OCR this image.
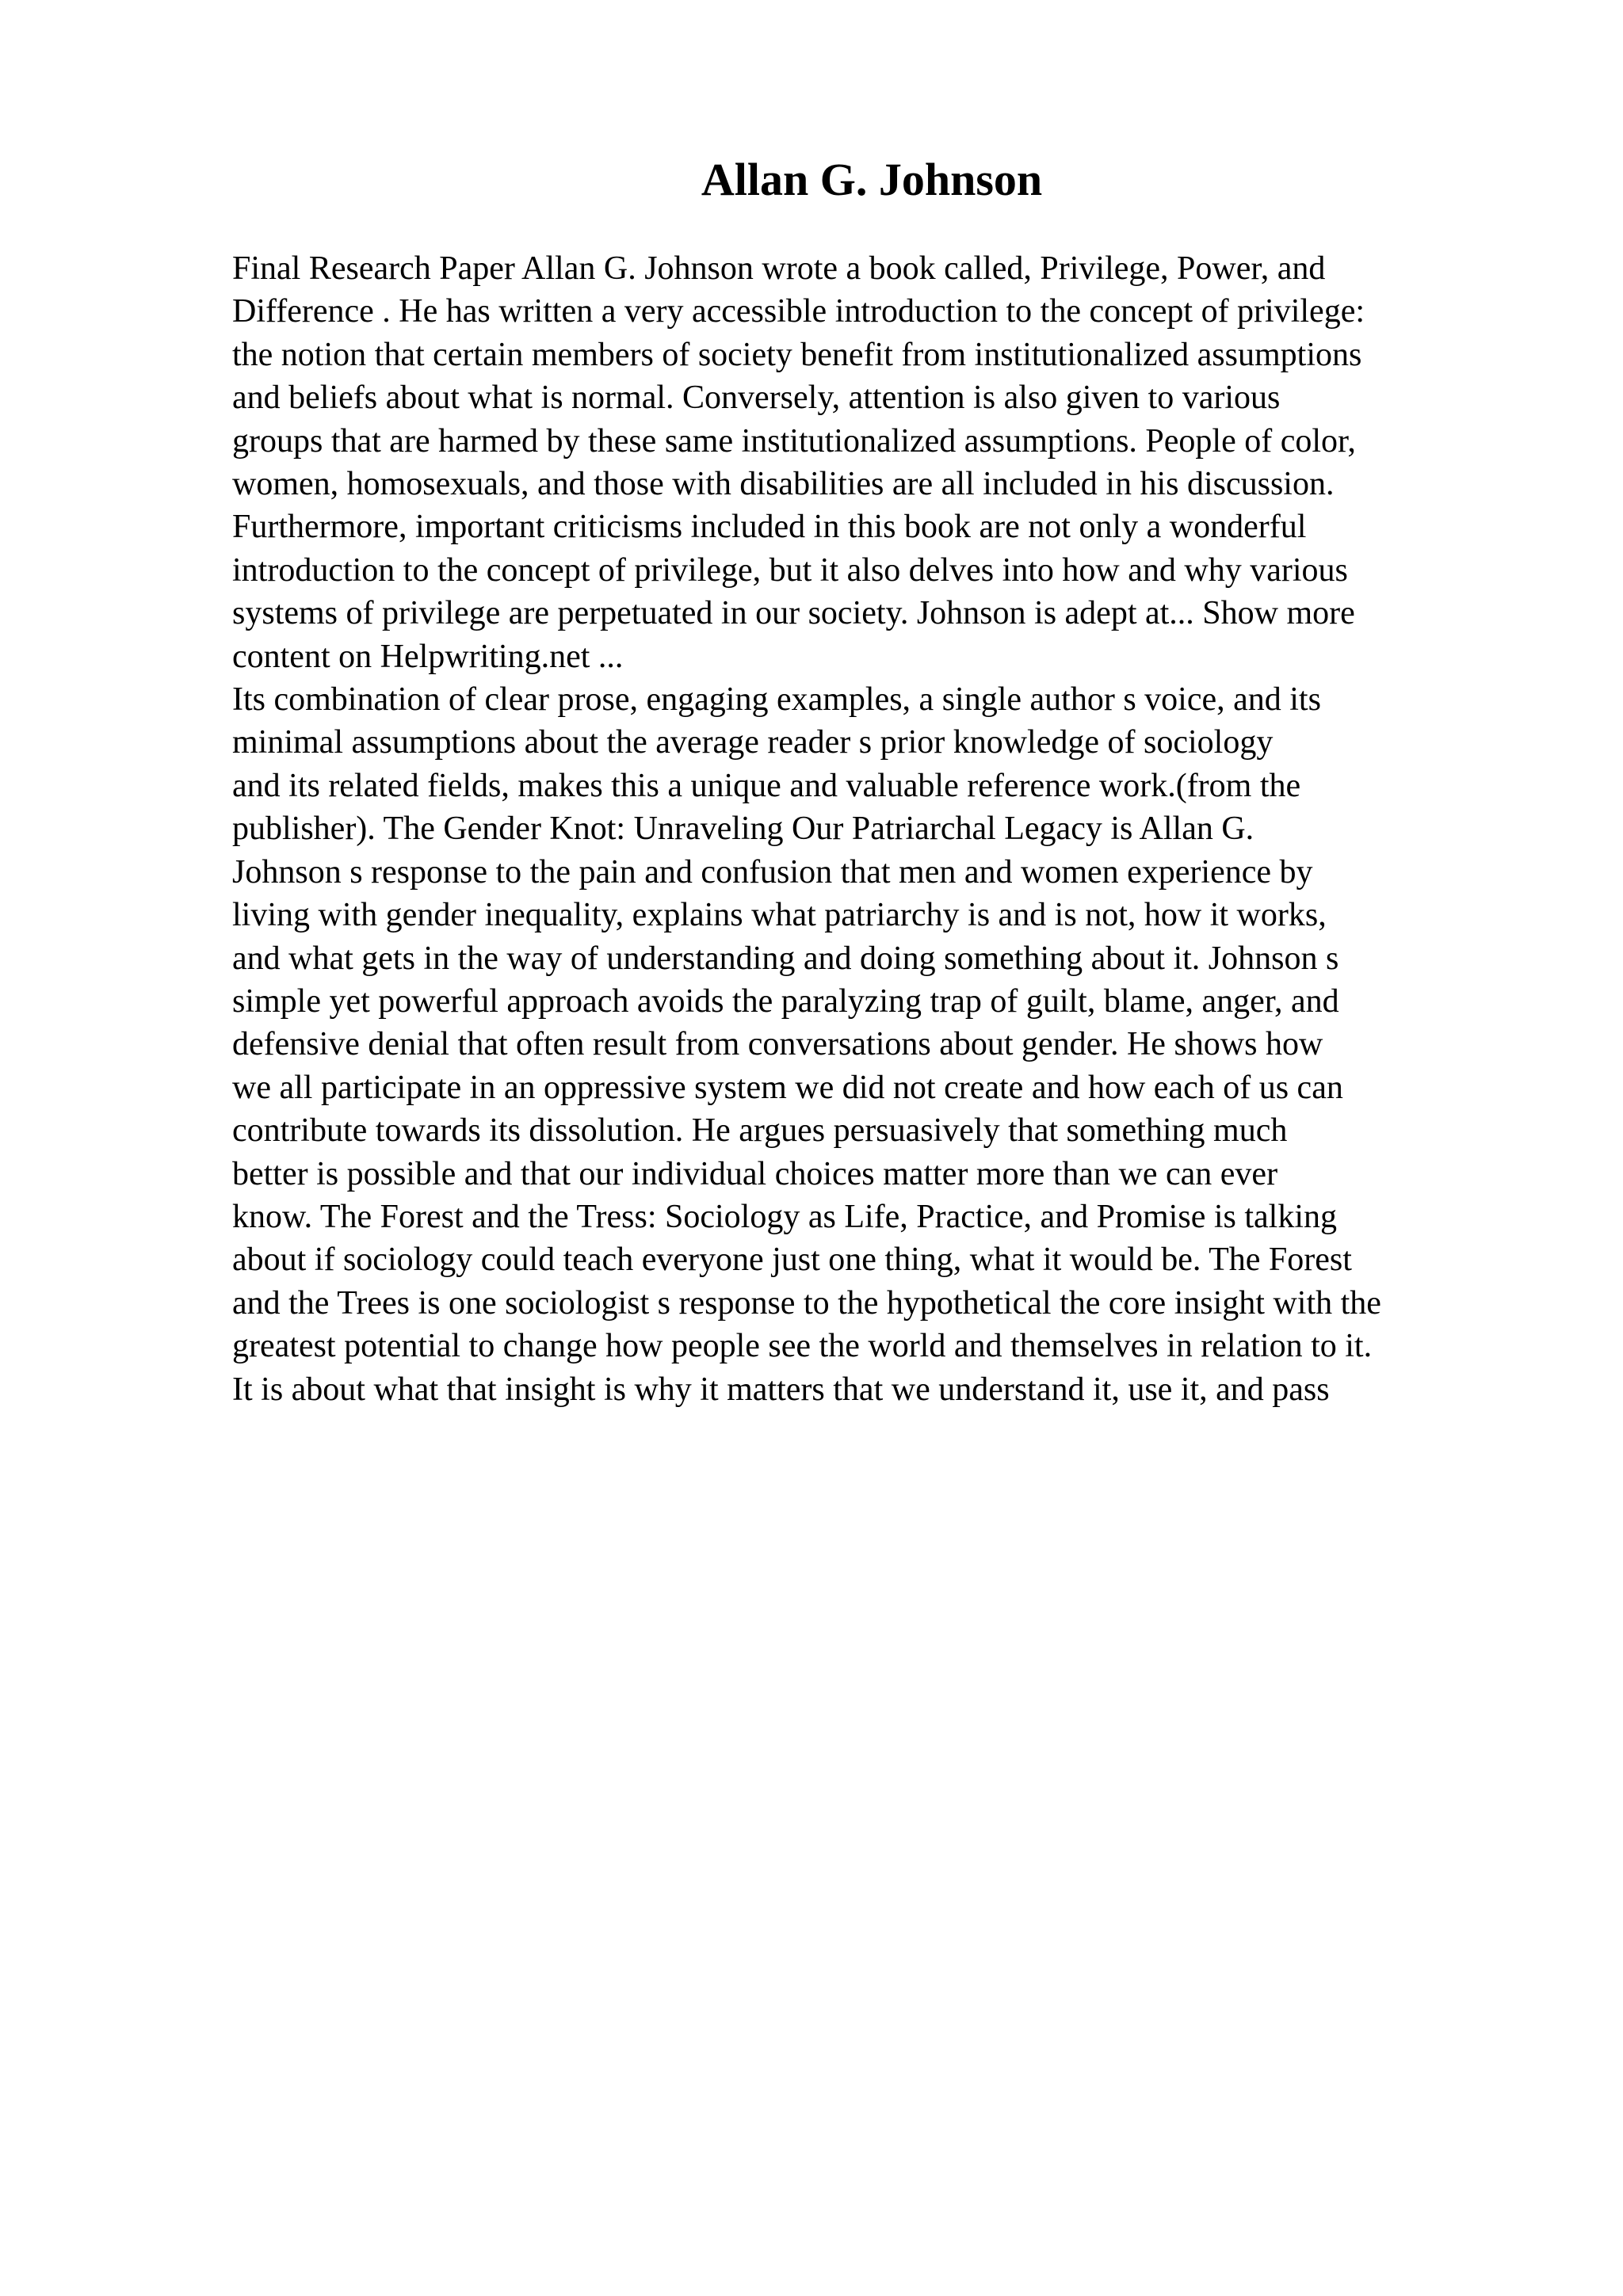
Allan G. Johnson
Final Research Paper Allan G. Johnson wrote a book called, Privilege, Power, and
Difference . He has written a very accessible introduction to the concept of privilege:
the notion that certain members of society benefit from institutionalized assumptions
and beliefs about what is normal. Conversely, attention is also given to various
groups that are harmed by these same institutionalized assumptions. People of color,
women, homosexuals, and those with disabilities are all included in his discussion.
Furthermore, important criticisms included in this book are not only a wonderful
introduction to the concept of privilege, but it also delves into how and why various
systems of privilege are perpetuated in our society. Johnson is adept at... Show more
content on Helpwriting.net ...
Its combination of clear prose, engaging examples, a single author s voice, and its
minimal assumptions about the average reader s prior knowledge of sociology
and its related fields, makes this a unique and valuable reference work.(from the
publisher). The Gender Knot: Unraveling Our Patriarchal Legacy is Allan G.
Johnson s response to the pain and confusion that men and women experience by
living with gender inequality, explains what patriarchy is and is not, how it works,
and what gets in the way of understanding and doing something about it. Johnson s
simple yet powerful approach avoids the paralyzing trap of guilt, blame, anger, and
defensive denial that often result from conversations about gender. He shows how
we all participate in an oppressive system we did not create and how each of us can
contribute towards its dissolution. He argues persuasively that something much
better is possible and that our individual choices matter more than we can ever
know. The Forest and the Tress: Sociology as Life, Practice, and Promise is talking
about if sociology could teach everyone just one thing, what it would be. The Forest
and the Trees is one sociologist s response to the hypothetical the core insight with the
greatest potential to change how people see the world and themselves in relation to it.
It is about what that insight is why it matters that we understand it, use it, and pass
